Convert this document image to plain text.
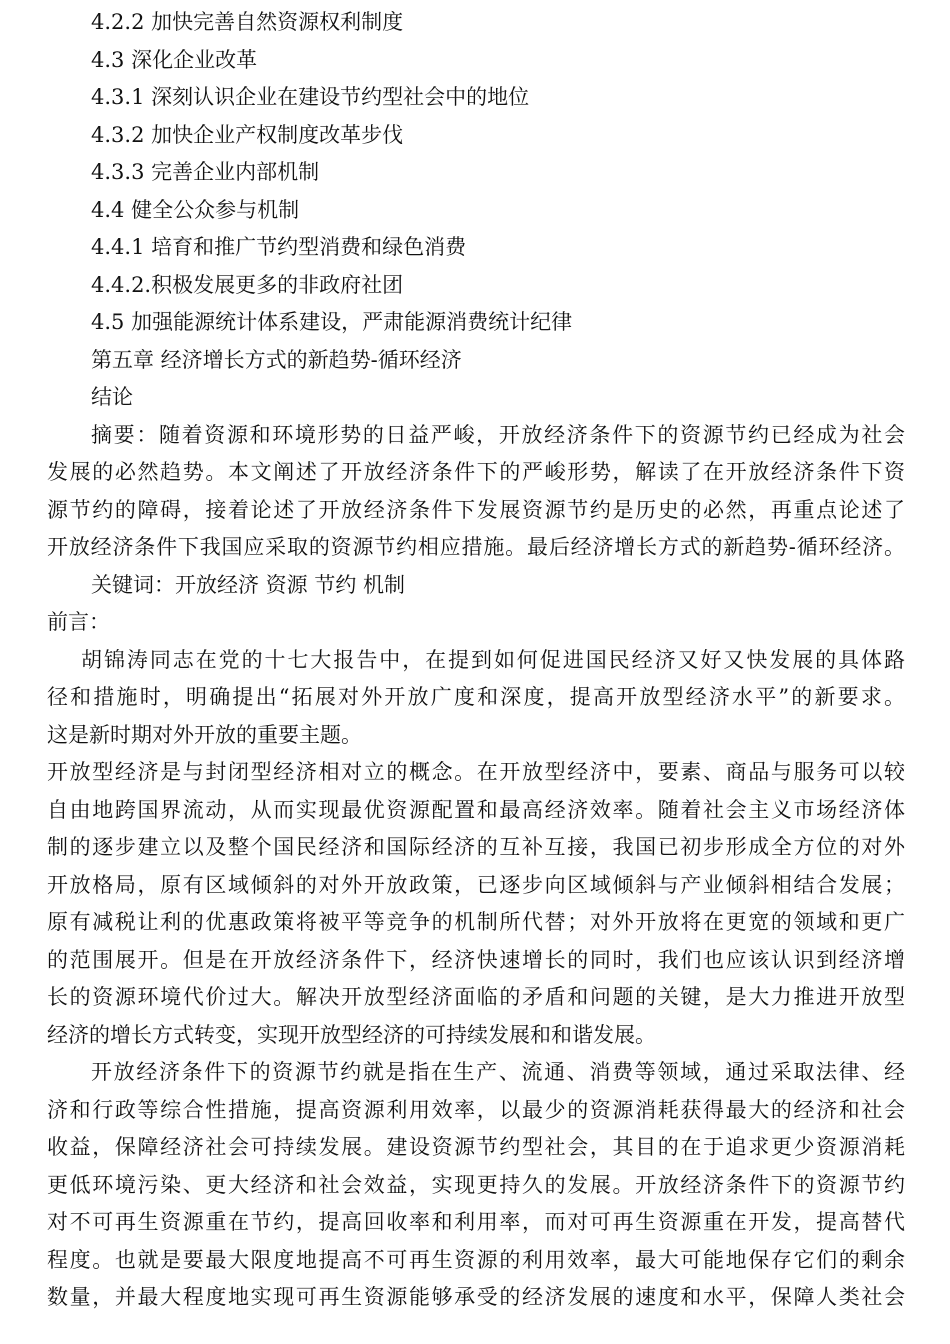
4.2.2 加快完善自然资源权利制度
4.3 深化企业改革
4.3.1 深刻认识企业在建设节约型社会中的地位
4.3.2 加快企业产权制度改革步伐
4.3.3 完善企业内部机制
4.4 健全公众参与机制
4.4.1 培育和推广节约型消费和绿色消费
4.4.2.积极发展更多的非政府社团
4.5 加强能源统计体系建设，严肃能源消费统计纪律
第五章 经济增长方式的新趋势-循环经济
结论
摘要：随着资源和环境形势的日益严峻，开放经济条件下的资源节约已经成为社会
发展的必然趋势。本文阐述了开放经济条件下的严峻形势，解读了在开放经济条件下资
源节约的障碍，接着论述了开放经济条件下发展资源节约是历史的必然，再重点论述了
开放经济条件下我国应采取的资源节约相应措施。最后经济增长方式的新趋势-循环经济。
关键词：开放经济 资源 节约 机制
前言：
胡锦涛同志在党的十七大报告中，在提到如何促进国民经济又好又快发展的具体路
径和措施时，明确提出“拓展对外开放广度和深度，提高开放型经济水平”的新要求。
这是新时期对外开放的重要主题。
开放型经济是与封闭型经济相对立的概念。在开放型经济中，要素、商品与服务可以较
自由地跨国界流动，从而实现最优资源配置和最高经济效率。随着社会主义市场经济体
制的逐步建立以及整个国民经济和国际经济的互补互接，我国已初步形成全方位的对外
开放格局，原有区域倾斜的对外开放政策，已逐步向区域倾斜与产业倾斜相结合发展；
原有减税让利的优惠政策将被平等竞争的机制所代替；对外开放将在更宽的领域和更广
的范围展开。但是在开放经济条件下，经济快速增长的同时，我们也应该认识到经济增
长的资源环境代价过大。解决开放型经济面临的矛盾和问题的关键，是大力推进开放型
经济的增长方式转变，实现开放型经济的可持续发展和和谐发展。
开放经济条件下的资源节约就是指在生产、流通、消费等领域，通过采取法律、经
济和行政等综合性措施，提高资源利用效率，以最少的资源消耗获得最大的经济和社会
收益，保障经济社会可持续发展。建设资源节约型社会，其目的在于追求更少资源消耗
更低环境污染、更大经济和社会效益，实现更持久的发展。开放经济条件下的资源节约
对不可再生资源重在节约，提高回收率和利用率，而对可再生资源重在开发，提高替代
程度。也就是要最大限度地提高不可再生资源的利用效率，最大可能地保存它们的剩余
数量，并最大程度地实现可再生资源能够承受的经济发展的速度和水平，保障人类社会
